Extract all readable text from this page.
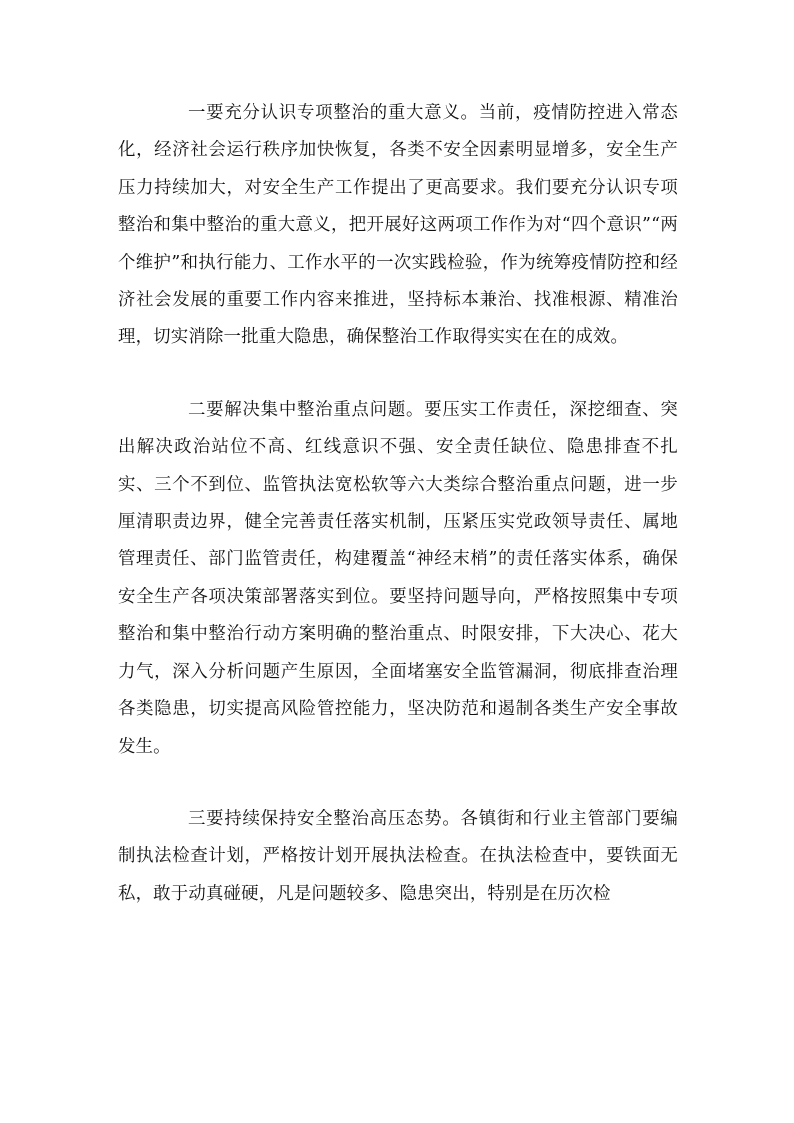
一要充分认识专项整治的重大意义。当前，疫情防控进入常态化，经济社会运行秩序加快恢复，各类不安全因素明显增多，安全生产压力持续加大，对安全生产工作提出了更高要求。我们要充分认识专项整治和集中整治的重大意义，把开展好这两项工作作为对“四个意识”“两个维护”和执行能力、工作水平的一次实践检验，作为统筹疫情防控和经济社会发展的重要工作内容来推进，坚持标本兼治、找准根源、精准治理，切实消除一批重大隐患，确保整治工作取得实实在在的成效。

二要解决集中整治重点问题。要压实工作责任，深挖细查、突出解决政治站位不高、红线意识不强、安全责任缺位、隐患排查不扎实、三个不到位、监管执法宽松软等六大类综合整治重点问题，进一步厘清职责边界，健全完善责任落实机制，压紧压实党政领导责任、属地管理责任、部门监管责任，构建覆盖“神经末梢”的责任落实体系，确保安全生产各项决策部署落实到位。要坚持问题导向，严格按照集中专项整治和集中整治行动方案明确的整治重点、时限安排，下大决心、花大力气，深入分析问题产生原因，全面堵塞安全监管漏洞，彻底排查治理各类隐患，切实提高风险管控能力，坚决防范和遏制各类生产安全事故发生。

三要持续保持安全整治高压态势。各镇街和行业主管部门要编制执法检查计划，严格按计划开展执法检查。在执法检查中，要铁面无私，敢于动真碰硬，凡是问题较多、隐患突出，特别是在历次检
